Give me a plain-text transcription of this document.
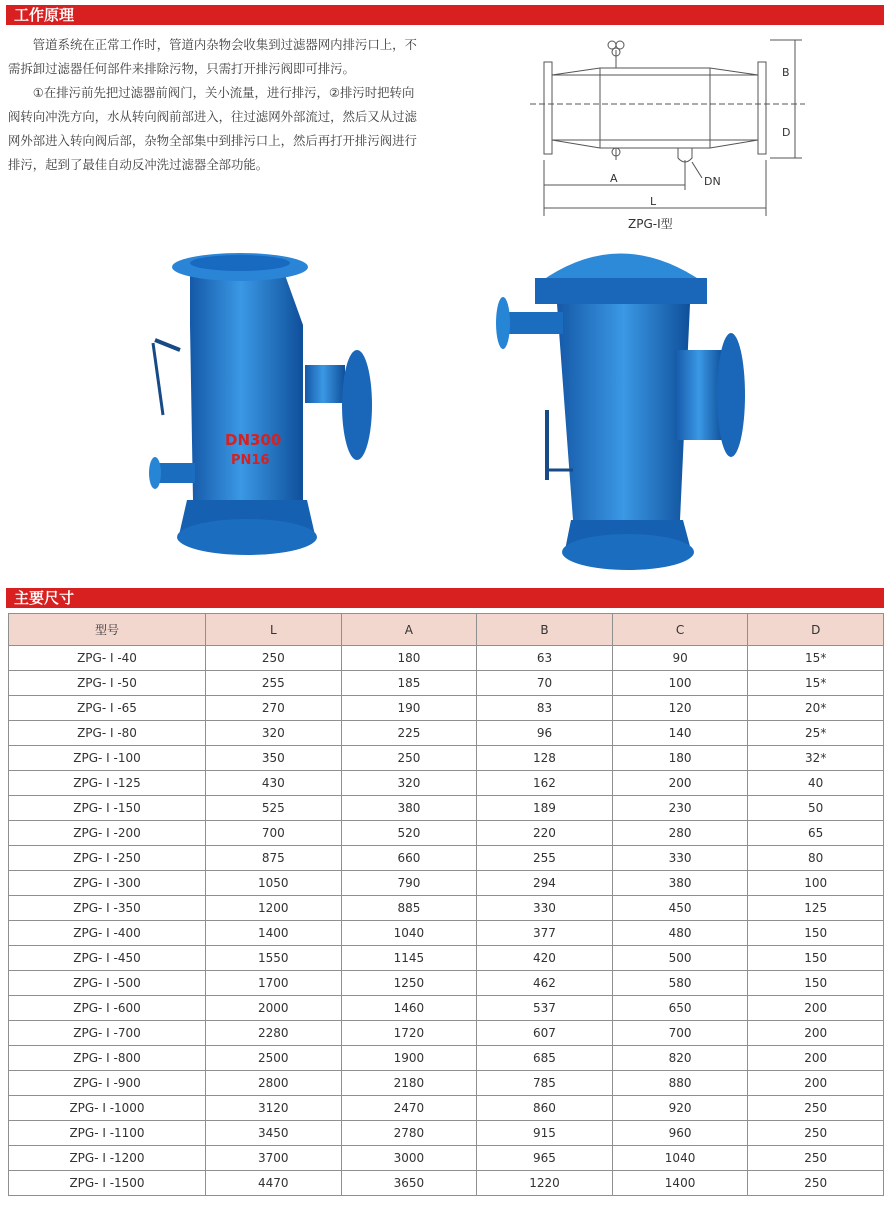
工作原理

管道系统在正常工作时，管道内杂物会收集到过滤器网内排污口上，不需拆卸过滤器任何部件来排除污物，只需打开排污阀即可排污。

①在排污前先把过滤器前阀门，关小流量，进行排污，②排污时把转向阀转向冲洗方向，水从转向阀前部进入，往过滤网外部流过，然后又从过滤网外部进入转向阀后部，杂物全部集中到排污口上，然后再打开排污阀进行排污，起到了最佳自动反冲洗过滤器全部功能。

B
D
A
L
DN
ZPG-I型
DN300
PN16
主要尺寸
型号	L	A	B	C	D
ZPG- I -40	250	180	63	90	15*
ZPG- I -50	255	185	70	100	15*
ZPG- I -65	270	190	83	120	20*
ZPG- I -80	320	225	96	140	25*
ZPG- I -100	350	250	128	180	32*
ZPG- I -125	430	320	162	200	40
ZPG- I -150	525	380	189	230	50
ZPG- I -200	700	520	220	280	65
ZPG- I -250	875	660	255	330	80
ZPG- I -300	1050	790	294	380	100
ZPG- I -350	1200	885	330	450	125
ZPG- I -400	1400	1040	377	480	150
ZPG- I -450	1550	1145	420	500	150
ZPG- I -500	1700	1250	462	580	150
ZPG- I -600	2000	1460	537	650	200
ZPG- I -700	2280	1720	607	700	200
ZPG- I -800	2500	1900	685	820	200
ZPG- I -900	2800	2180	785	880	200
ZPG- I -1000	3120	2470	860	920	250
ZPG- I -1100	3450	2780	915	960	250
ZPG- I -1200	3700	3000	965	1040	250
ZPG- I -1500	4470	3650	1220	1400	250
